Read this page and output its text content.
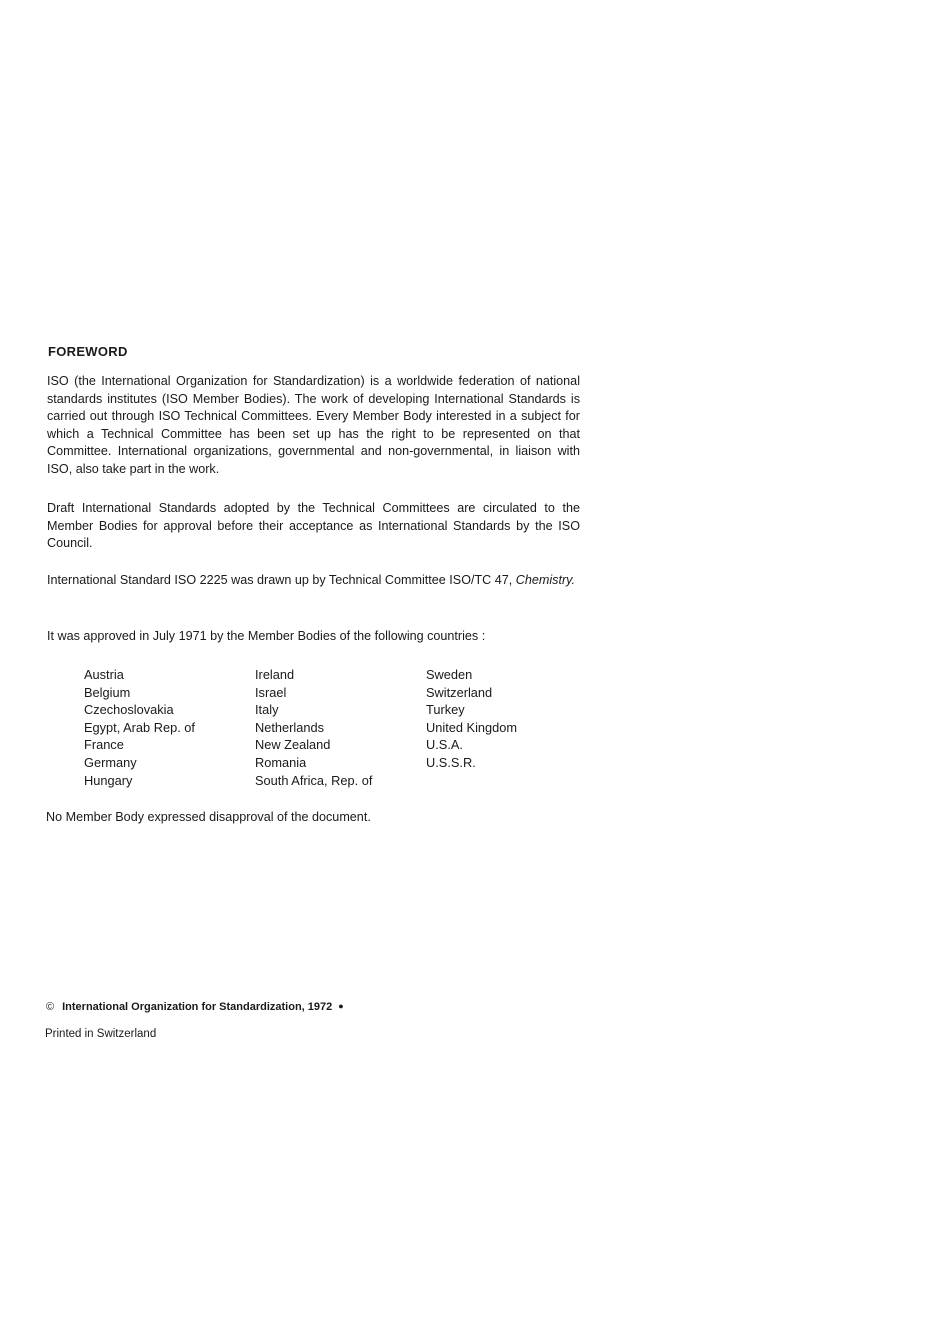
FOREWORD

ISO (the International Organization for Standardization) is a worldwide federation of national standards institutes (ISO Member Bodies). The work of developing International Standards is carried out through ISO Technical Committees. Every Member Body interested in a subject for which a Technical Committee has been set up has the right to be represented on that Committee. International organizations, governmental and non-governmental, in liaison with ISO, also take part in the work.

Draft International Standards adopted by the Technical Committees are circulated to the Member Bodies for approval before their acceptance as International Standards by the ISO Council.

International Standard ISO 2225 was drawn up by Technical Committee ISO/TC 47, Chemistry.

It was approved in July 1971 by the Member Bodies of the following countries :

Austria
Belgium
Czechoslovakia
Egypt, Arab Rep. of
France
Germany
Hungary
Ireland
Israel
Italy
Netherlands
New Zealand
Romania
South Africa, Rep. of
Sweden
Switzerland
Turkey
United Kingdom
U.S.A.
U.S.S.R.

No Member Body expressed disapproval of the document.

© International Organization for Standardization, 1972 ●
Printed in Switzerland
